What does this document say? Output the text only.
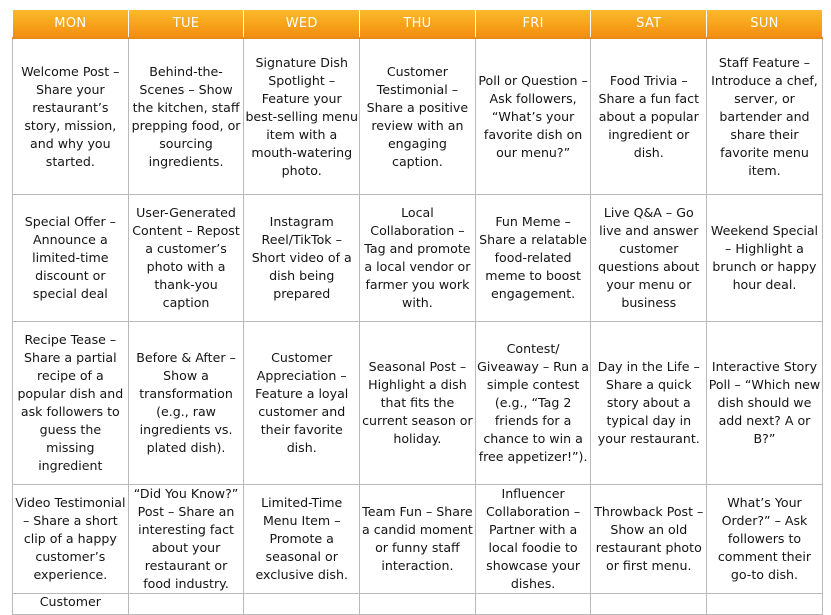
MON	TUE	WED	THU	FRI	SAT	SUN
Welcome Post – Share your restaurant’s story, mission, and why you started.	Behind-the-Scenes – Show the kitchen, staff prepping food, or sourcing ingredients.	Signature Dish Spotlight – Feature your best-selling menu item with a mouth-watering photo.	Customer Testimonial – Share a positive review with an engaging caption.	Poll or Question – Ask followers, “What’s your favorite dish on our menu?”	Food Trivia – Share a fun fact about a popular ingredient or dish.	Staff Feature – Introduce a chef, server, or bartender and share their favorite menu item.
Special Offer – Announce a limited-time discount or special deal	User-Generated Content – Repost a customer’s photo with a thank-you caption	Instagram Reel/TikTok – Short video of a dish being prepared	Local Collaboration – Tag and promote a local vendor or farmer you work with.	Fun Meme – Share a relatable food-related meme to boost engagement.	Live Q&A – Go live and answer customer questions about your menu or business	Weekend Special – Highlight a brunch or happy hour deal.
Recipe Tease – Share a partial recipe of a popular dish and ask followers to guess the missing ingredient	Before & After – Show a transformation (e.g., raw ingredients vs. plated dish).	Customer Appreciation – Feature a loyal customer and their favorite dish.	Seasonal Post – Highlight a dish that fits the current season or holiday.	Contest/ Giveaway – Run a simple contest (e.g., “Tag 2 friends for a chance to win a free appetizer!”).	Day in the Life – Share a quick story about a typical day in your restaurant.	Interactive Story Poll – “Which new dish should we add next? A or B?”
Video Testimonial – Share a short clip of a happy customer’s experience.	“Did You Know?” Post – Share an interesting fact about your restaurant or food industry.	Limited-Time Menu Item – Promote a seasonal or exclusive dish.	Team Fun – Share a candid moment or funny staff interaction.	Influencer Collaboration – Partner with a local foodie to showcase your dishes.	Throwback Post – Show an old restaurant photo or first menu.	What’s Your Order?” – Ask followers to comment their go-to dish.

Customer						
